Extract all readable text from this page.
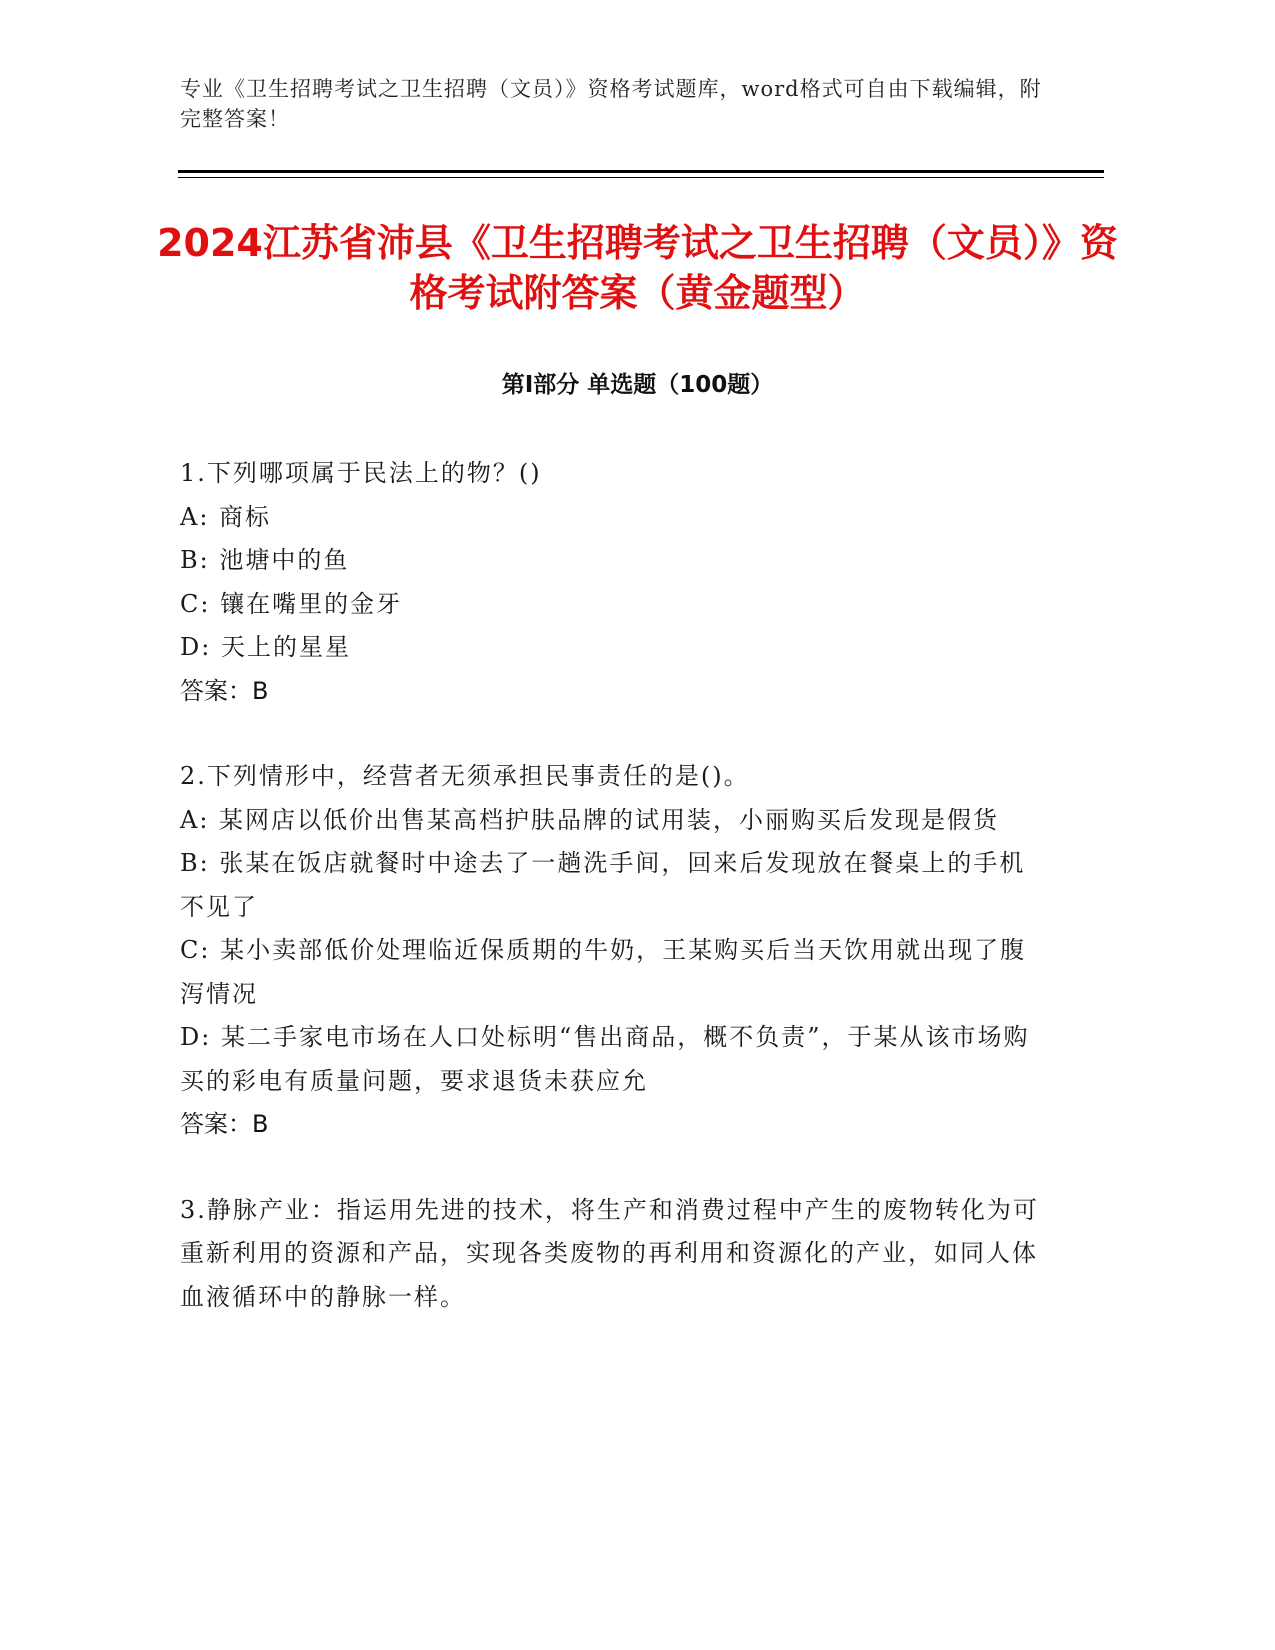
专业《卫生招聘考试之卫生招聘（文员）》资格考试题库，word格式可自由下载编辑，附完整答案！
2024江苏省沛县《卫生招聘考试之卫生招聘（文员）》资格考试附答案（黄金题型）
第Ⅰ部分 单选题（100题）
1.下列哪项属于民法上的物？()
A: 商标
B: 池塘中的鱼
C: 镶在嘴里的金牙
D: 天上的星星
答案：B
2.下列情形中，经营者无须承担民事责任的是()。
A: 某网店以低价出售某高档护肤品牌的试用装，小丽购买后发现是假货
B: 张某在饭店就餐时中途去了一趟洗手间，回来后发现放在餐桌上的手机不见了
C: 某小卖部低价处理临近保质期的牛奶，王某购买后当天饮用就出现了腹泻情况
D: 某二手家电市场在人口处标明“售出商品，概不负责”，于某从该市场购买的彩电有质量问题，要求退货未获应允
答案：B
3.静脉产业：指运用先进的技术，将生产和消费过程中产生的废物转化为可重新利用的资源和产品，实现各类废物的再利用和资源化的产业，如同人体血液循环中的静脉一样。
